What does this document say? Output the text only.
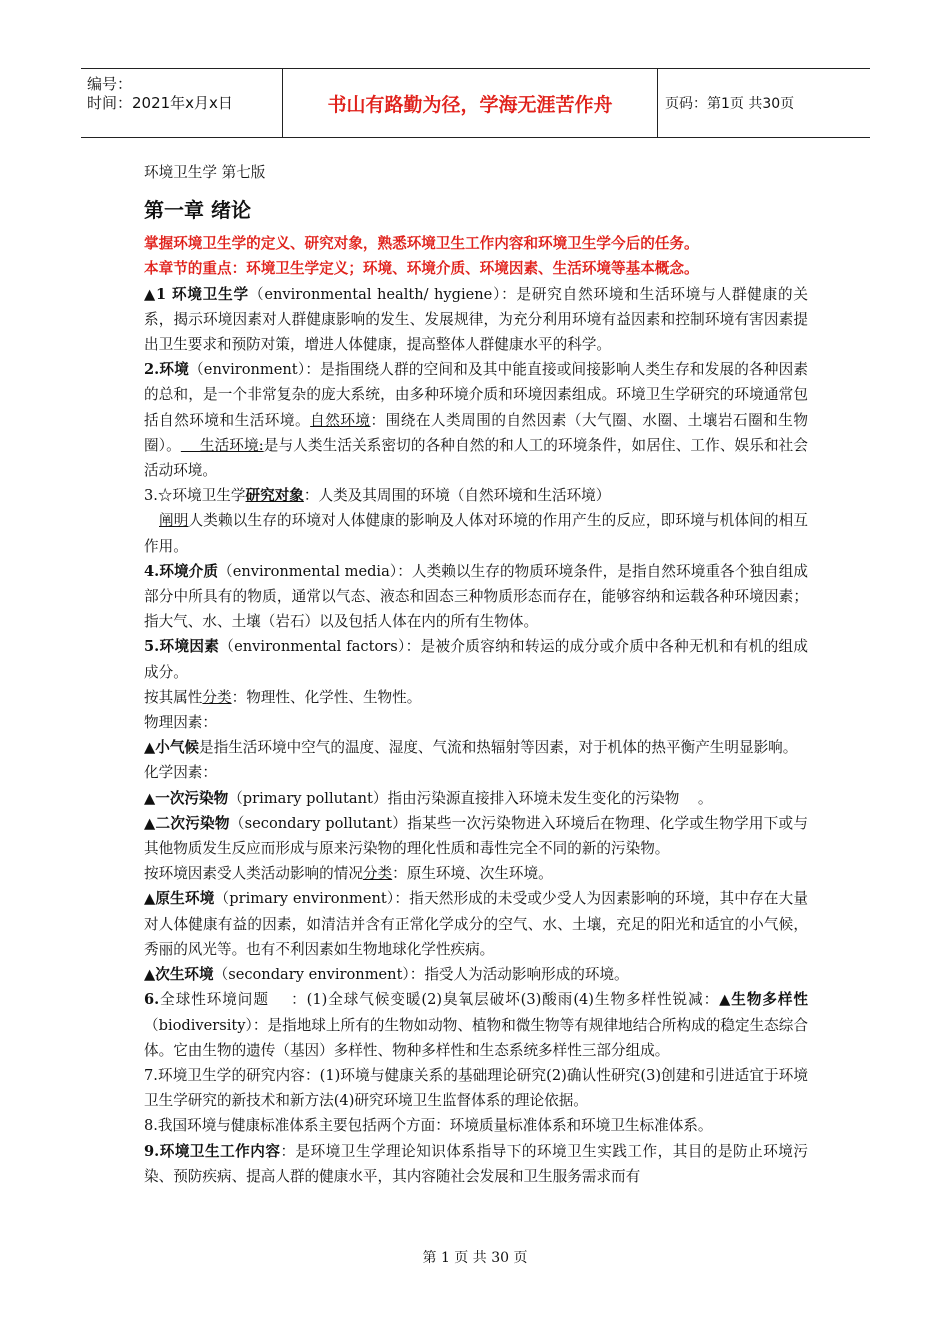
编号：
时间：2021年x月x日	书山有路勤为径，学海无涯苦作舟	页码：第1页 共30页

环境卫生学 第七版

第一章 绪论

掌握环境卫生学的定义、研究对象，熟悉环境卫生工作内容和环境卫生学今后的任务。

本章节的重点：环境卫生学定义；环境、环境介质、环境因素、生活环境等基本概念。

▲1 环境卫生学（environmental health/ hygiene）：是研究自然环境和生活环境与人群健康的关系，揭示环境因素对人群健康影响的发生、发展规律，为充分利用环境有益因素和控制环境有害因素提出卫生要求和预防对策，增进人体健康，提高整体人群健康水平的科学。

2.环境（environment）：是指围绕人群的空间和及其中能直接或间接影响人类生存和发展的各种因素的总和，是一个非常复杂的庞大系统，由多种环境介质和环境因素组成。环境卫生学研究的环境通常包括自然环境和生活环境。自然环境：围绕在人类周围的自然因素（大气圈、水圈、土壤岩石圈和生物圈）。    生活环境:是与人类生活关系密切的各种自然的和人工的环境条件，如居住、工作、娱乐和社会活动环境。

3.☆环境卫生学研究对象：人类及其周围的环境（自然环境和生活环境）

阐明人类赖以生存的环境对人体健康的影响及人体对环境的作用产生的反应，即环境与机体间的相互作用。

4.环境介质（environmental media）：人类赖以生存的物质环境条件，是指自然环境重各个独自组成部分中所具有的物质，通常以气态、液态和固态三种物质形态而存在，能够容纳和运载各种环境因素；指大气、水、土壤（岩石）以及包括人体在内的所有生物体。

5.环境因素（environmental factors）：是被介质容纳和转运的成分或介质中各种无机和有机的组成成分。

按其属性分类：物理性、化学性、生物性。

物理因素：

▲小气候是指生活环境中空气的温度、湿度、气流和热辐射等因素，对于机体的热平衡产生明显影响。

化学因素：

▲一次污染物（primary pollutant）指由污染源直接排入环境未发生变化的污染物    。

▲二次污染物（secondary pollutant）指某些一次污染物进入环境后在物理、化学或生物学用下或与其他物质发生反应而形成与原来污染物的理化性质和毒性完全不同的新的污染物。

按环境因素受人类活动影响的情况分类：原生环境、次生环境。

▲原生环境（primary environment）：指天然形成的未受或少受人为因素影响的环境，其中存在大量对人体健康有益的因素，如清洁并含有正常化学成分的空气、水、土壤，充足的阳光和适宜的小气候，秀丽的风光等。也有不利因素如生物地球化学性疾病。

▲次生环境（secondary environment）：指受人为活动影响形成的环境。

6.全球性环境问题    ：(1)全球气候变暖(2)臭氧层破坏(3)酸雨(4)生物多样性锐减：▲生物多样性（biodiversity）：是指地球上所有的生物如动物、植物和微生物等有规律地结合所构成的稳定生态综合体。它由生物的遗传（基因）多样性、物种多样性和生态系统多样性三部分组成。

7.环境卫生学的研究内容：(1)环境与健康关系的基础理论研究(2)确认性研究(3)创建和引进适宜于环境卫生学研究的新技术和新方法(4)研究环境卫生监督体系的理论依据。

8.我国环境与健康标准体系主要包括两个方面：环境质量标准体系和环境卫生标准体系。

9.环境卫生工作内容：是环境卫生学理论知识体系指导下的环境卫生实践工作，其目的是防止环境污染、预防疾病、提高人群的健康水平，其内容随社会发展和卫生服务需求而有

第 1 页 共 30 页
